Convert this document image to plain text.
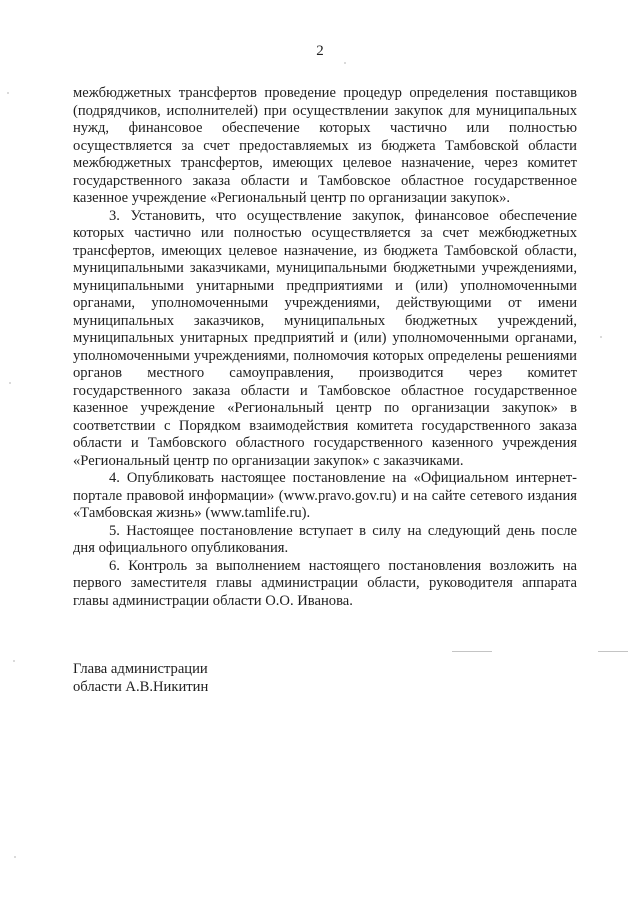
2

межбюджетных трансфертов проведение процедур определения поставщиков (подрядчиков, исполнителей) при осуществлении закупок для муниципальных нужд, финансовое обеспечение которых частично или полностью осуществляется за счет предоставляемых из бюджета Тамбовской области межбюджетных трансфертов, имеющих целевое назначение, через комитет государственного заказа области и Тамбовское областное государственное казенное учреждение «Региональный центр по организации закупок».

3. Установить, что осуществление закупок, финансовое обеспечение которых частично или полностью осуществляется за счет межбюджетных трансфертов, имеющих целевое назначение, из бюджета Тамбовской области, муниципальными заказчиками, муниципальными бюджетными учреждениями, муниципальными унитарными предприятиями и (или) уполномоченными органами, уполномоченными учреждениями, действующими от имени муниципальных заказчиков, муниципальных бюджетных учреждений, муниципальных унитарных предприятий и (или) уполномоченными органами, уполномоченными учреждениями, полномочия которых определены решениями органов местного самоуправления, производится через комитет государственного заказа области и Тамбовское областное государственное казенное учреждение «Региональный центр по организации закупок» в соответствии с Порядком взаимодействия комитета государственного заказа области и Тамбовского областного государственного казенного учреждения «Региональный центр по организации закупок» с заказчиками.

4. Опубликовать настоящее постановление на «Официальном интернет-портале правовой информации» (www.pravo.gov.ru) и на сайте сетевого издания «Тамбовская жизнь» (www.tamlife.ru).

5. Настоящее постановление вступает в силу на следующий день после дня официального опубликования.

6. Контроль за выполнением настоящего постановления возложить на первого заместителя главы администрации области, руководителя аппарата главы администрации области О.О. Иванова.

Глава администрации
области А.В.Никитин
